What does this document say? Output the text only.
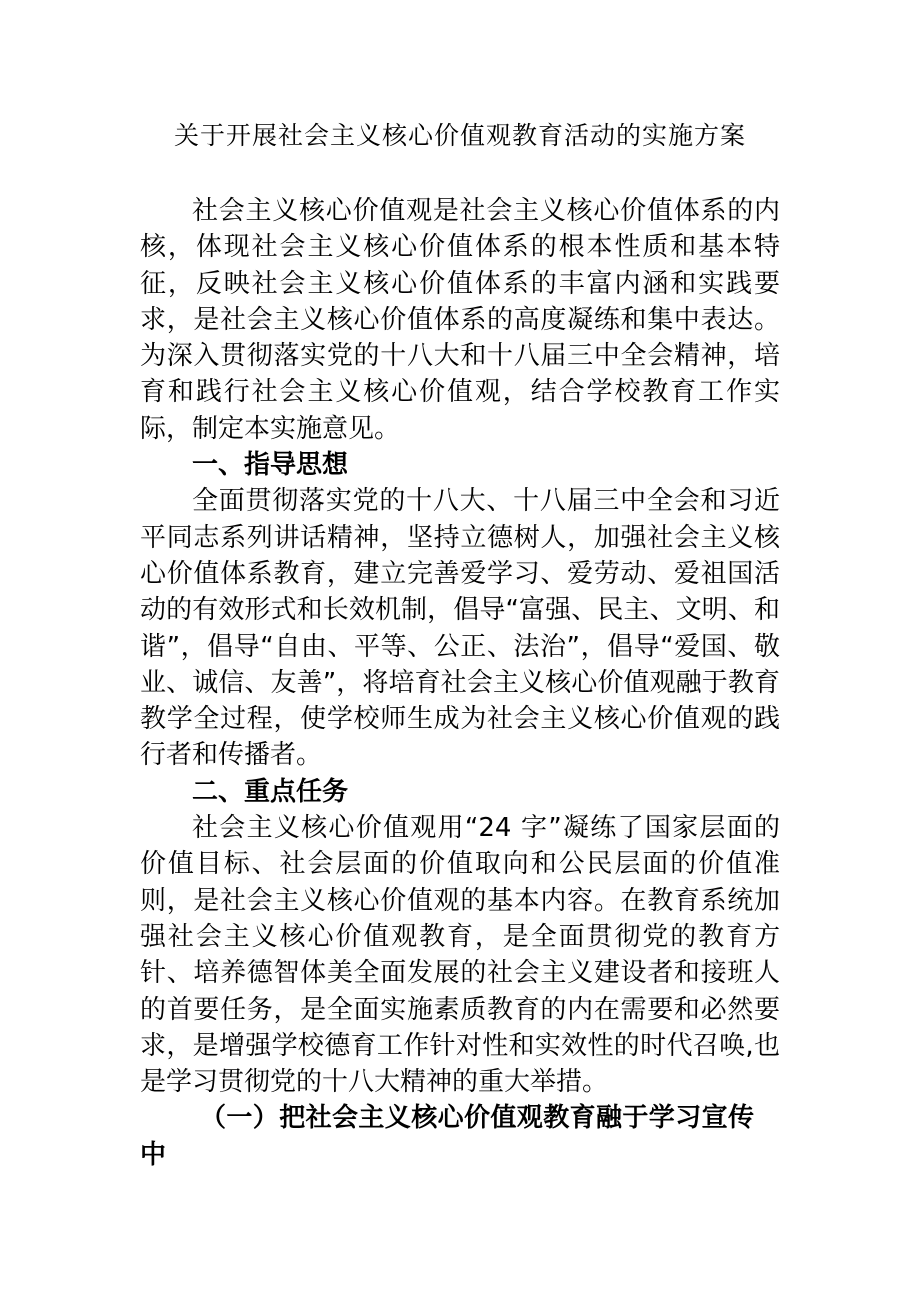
关于开展社会主义核心价值观教育活动的实施方案

社会主义核心价值观是社会主义核心价值体系的内核，体现社会主义核心价值体系的根本性质和基本特征，反映社会主义核心价值体系的丰富内涵和实践要求，是社会主义核心价值体系的高度凝练和集中表达。为深入贯彻落实党的十八大和十八届三中全会精神，培育和践行社会主义核心价值观，结合学校教育工作实际，制定本实施意见。

一、指导思想

全面贯彻落实党的十八大、十八届三中全会和习近平同志系列讲话精神，坚持立德树人，加强社会主义核心价值体系教育，建立完善爱学习、爱劳动、爱祖国活动的有效形式和长效机制，倡导“富强、民主、文明、和谐”，倡导“自由、平等、公正、法治”，倡导“爱国、敬业、诚信、友善”，将培育社会主义核心价值观融于教育教学全过程，使学校师生成为社会主义核心价值观的践行者和传播者。

二、重点任务

社会主义核心价值观用“24 字”凝练了国家层面的价值目标、社会层面的价值取向和公民层面的价值准则，是社会主义核心价值观的基本内容。在教育系统加强社会主义核心价值观教育，是全面贯彻党的教育方针、培养德智体美全面发展的社会主义建设者和接班人的首要任务，是全面实施素质教育的内在需要和必然要求，是增强学校德育工作针对性和实效性的时代召唤,也是学习贯彻党的十八大精神的重大举措。

（一）把社会主义核心价值观教育融于学习宣传中
